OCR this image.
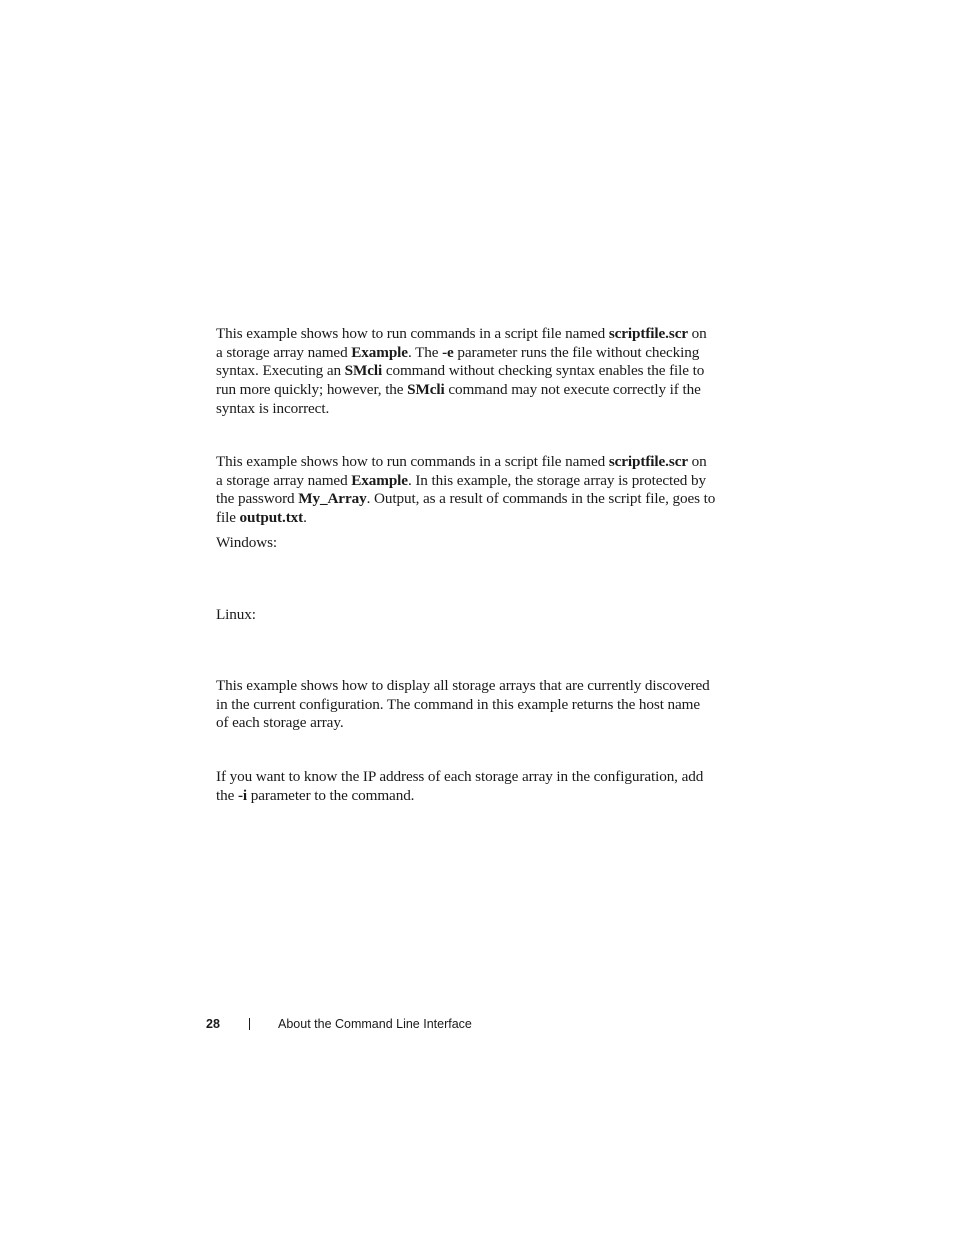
This example shows how to run commands in a script file named scriptfile.scr on a storage array named Example. The -e parameter runs the file without checking syntax. Executing an SMcli command without checking syntax enables the file to run more quickly; however, the SMcli command may not execute correctly if the syntax is incorrect.

This example shows how to run commands in a script file named scriptfile.scr on a storage array named Example. In this example, the storage array is protected by the password My_Array. Output, as a result of commands in the script file, goes to file output.txt.

Windows:

Linux:

This example shows how to display all storage arrays that are currently discovered in the current configuration. The command in this example returns the host name of each storage array.

If you want to know the IP address of each storage array in the configuration, add the -i parameter to the command.

28	About the Command Line Interface
